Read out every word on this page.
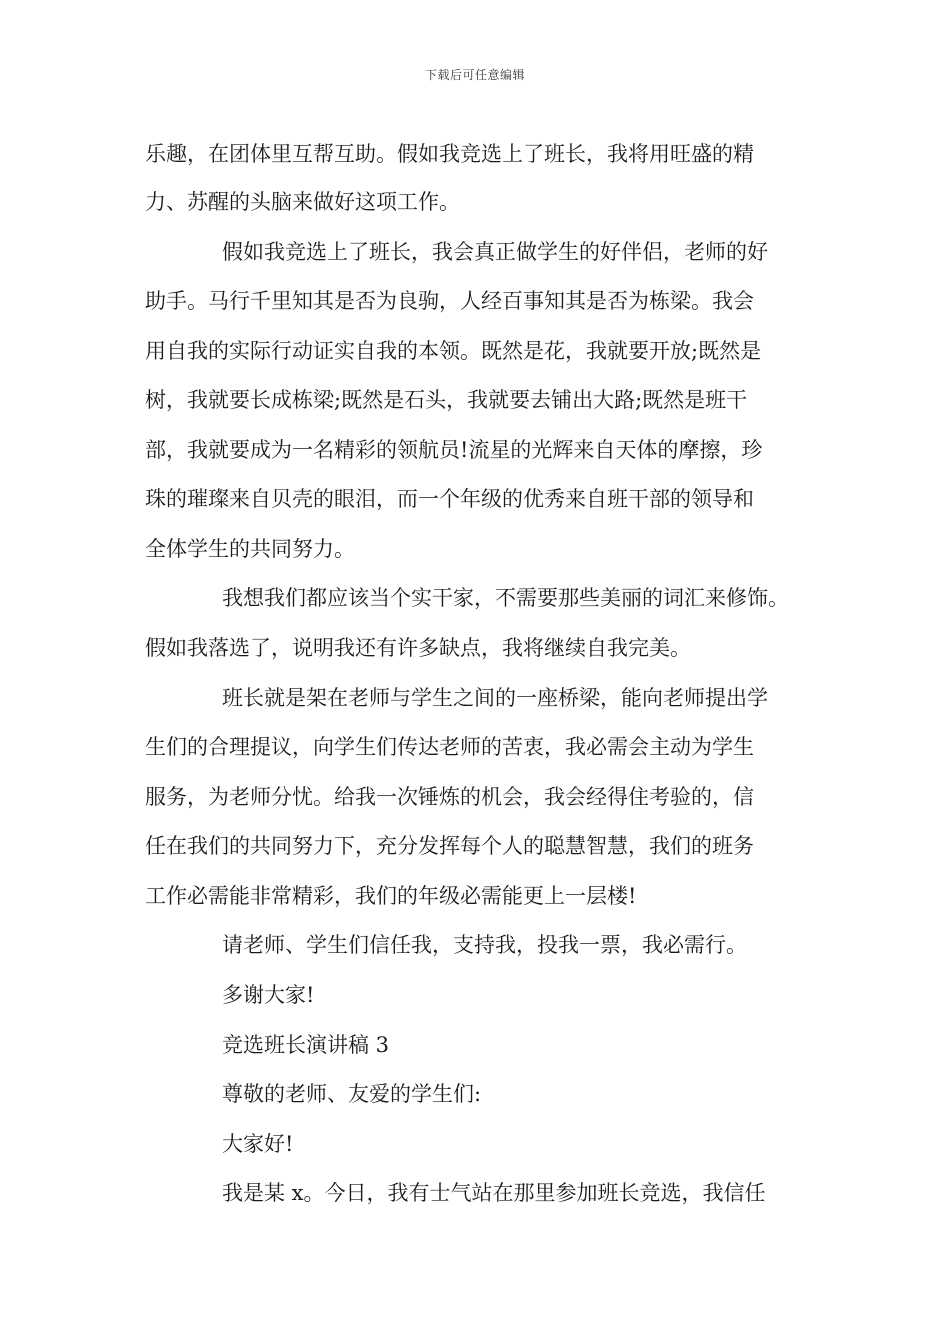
下载后可任意编辑
乐趣，在团体里互帮互助。假如我竞选上了班长，我将用旺盛的精
力、苏醒的头脑来做好这项工作。
假如我竞选上了班长，我会真正做学生的好伴侣，老师的好
助手。马行千里知其是否为良驹，人经百事知其是否为栋梁。我会
用自我的实际行动证实自我的本领。既然是花，我就要开放;既然是
树，我就要长成栋梁;既然是石头，我就要去铺出大路;既然是班干
部，我就要成为一名精彩的领航员!流星的光辉来自天体的摩擦，珍
珠的璀璨来自贝壳的眼泪，而一个年级的优秀来自班干部的领导和
全体学生的共同努力。
我想我们都应该当个实干家，不需要那些美丽的词汇来修饰。
假如我落选了，说明我还有许多缺点，我将继续自我完美。
班长就是架在老师与学生之间的一座桥梁，能向老师提出学
生们的合理提议，向学生们传达老师的苦衷，我必需会主动为学生
服务，为老师分忧。给我一次锤炼的机会，我会经得住考验的，信
任在我们的共同努力下，充分发挥每个人的聪慧智慧，我们的班务
工作必需能非常精彩，我们的年级必需能更上一层楼!
请老师、学生们信任我，支持我，投我一票，我必需行。
多谢大家!
竞选班长演讲稿 3
尊敬的老师、友爱的学生们:
大家好!
我是某 x。今日，我有士气站在那里参加班长竞选，我信任
